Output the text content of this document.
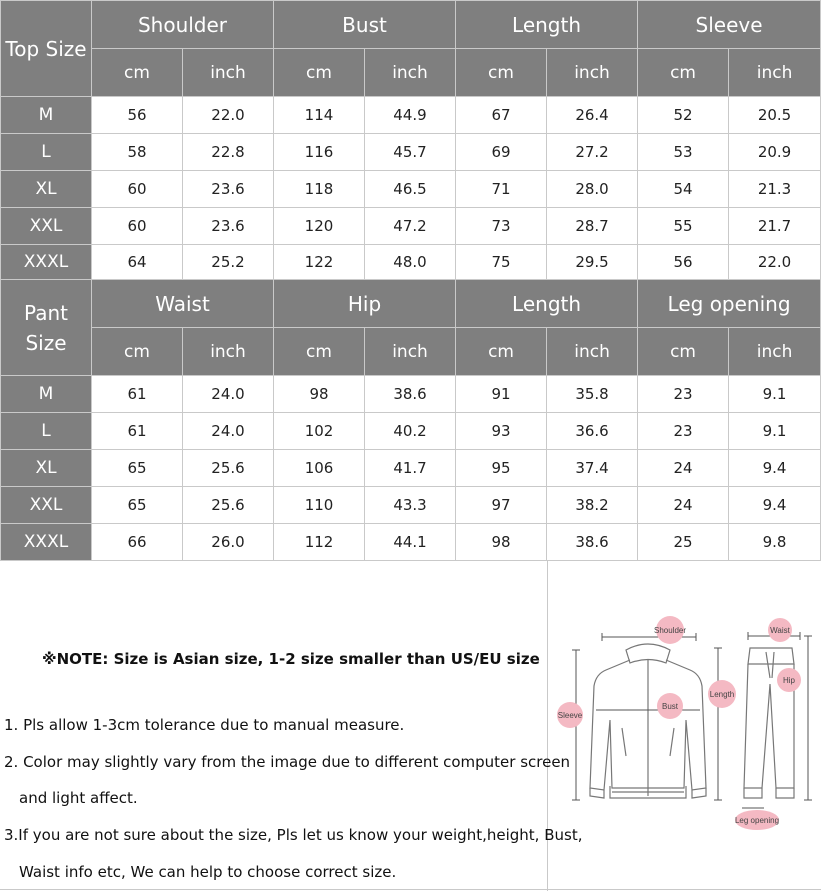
Top Size	Shoulder		Bust		Length		Sleeve	
	cm	inch	cm	inch	cm	inch	cm	inch
M	56	22.0	114	44.9	67	26.4	52	20.5
L	58	22.8	116	45.7	69	27.2	53	20.9
XL	60	23.6	118	46.5	71	28.0	54	21.3
XXL	60	23.6	120	47.2	73	28.7	55	21.7
XXXL	64	25.2	122	48.0	75	29.5	56	22.0
Pant
Size	Waist		Hip		Length		Leg opening	
	cm	inch	cm	inch	cm	inch	cm	inch
M	61	24.0	98	38.6	91	35.8	23	9.1
L	61	24.0	102	40.2	93	36.6	23	9.1
XL	65	25.6	106	41.7	95	37.4	24	9.4
XXL	65	25.6	110	43.3	97	38.2	24	9.4
XXXL	66	26.0	112	44.1	98	38.6	25	9.8
※NOTE: Size is Asian size, 1-2 size smaller than US/EU size
1. Pls allow 1-3cm tolerance due to manual measure.
2. Color may slightly vary from the image due to different computer screen
and light affect.
3.If you are not sure about the size, Pls let us know your weight,height, Bust,
Waist info etc, We can help to choose correct size.
Shoulder
Bust
Sleeve
Length
Waist
Hip
Leg opening
